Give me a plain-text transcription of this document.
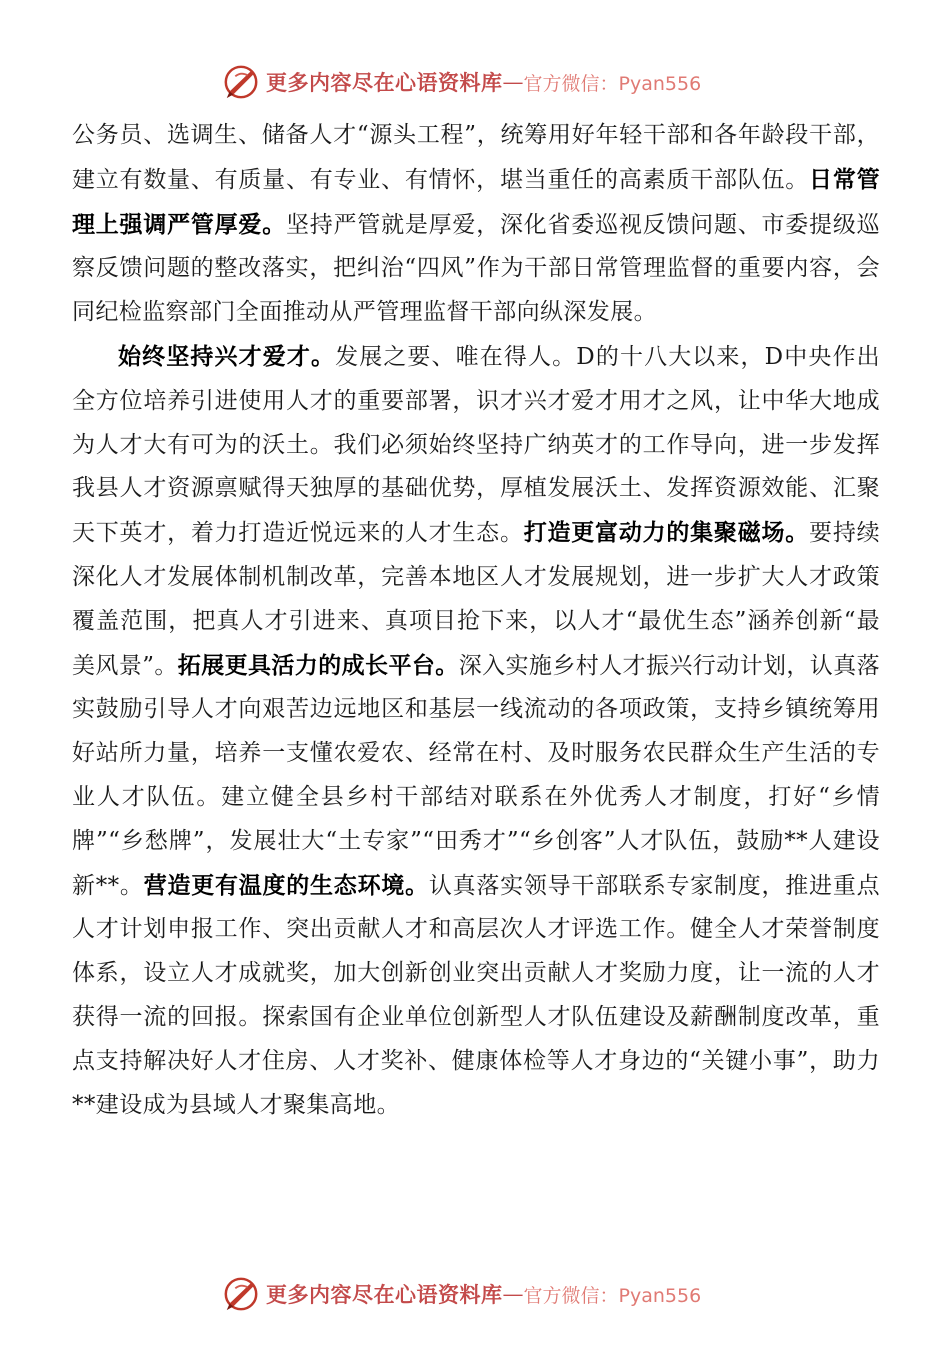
更多内容尽在心语资料库 — 官方微信：Pyan556

公务员、选调生、储备人才“源头工程”，统筹用好年轻干部和各年龄段干部，建立有数量、有质量、有专业、有情怀，堪当重任的高素质干部队伍。日常管理上强调严管厚爱。坚持严管就是厚爱，深化省委巡视反馈问题、市委提级巡察反馈问题的整改落实，把纠治“四风”作为干部日常管理监督的重要内容，会同纪检监察部门全面推动从严管理监督干部向纵深发展。

始终坚持兴才爱才。发展之要、唯在得人。D的十八大以来，D中央作出全方位培养引进使用人才的重要部署，识才兴才爱才用才之风，让中华大地成为人才大有可为的沃土。我们必须始终坚持广纳英才的工作导向，进一步发挥我县人才资源禀赋得天独厚的基础优势，厚植发展沃土、发挥资源效能、汇聚天下英才，着力打造近悦远来的人才生态。打造更富动力的集聚磁场。要持续深化人才发展体制机制改革，完善本地区人才发展规划，进一步扩大人才政策覆盖范围，把真人才引进来、真项目抢下来，以人才“最优生态”涵养创新“最美风景”。拓展更具活力的成长平台。深入实施乡村人才振兴行动计划，认真落实鼓励引导人才向艰苦边远地区和基层一线流动的各项政策，支持乡镇统筹用好站所力量，培养一支懂农爱农、经常在村、及时服务农民群众生产生活的专业人才队伍。建立健全县乡村干部结对联系在外优秀人才制度，打好“乡情牌”“乡愁牌”，发展壮大“土专家”“田秀才”“乡创客”人才队伍，鼓励**人建设新**。营造更有温度的生态环境。认真落实领导干部联系专家制度，推进重点人才计划申报工作、突出贡献人才和高层次人才评选工作。健全人才荣誉制度体系，设立人才成就奖，加大创新创业突出贡献人才奖励力度，让一流的人才获得一流的回报。探索国有企业单位创新型人才队伍建设及薪酬制度改革，重点支持解决好人才住房、人才奖补、健康体检等人才身边的“关键小事”，助力**建设成为县域人才聚集高地。

更多内容尽在心语资料库 — 官方微信：Pyan556
